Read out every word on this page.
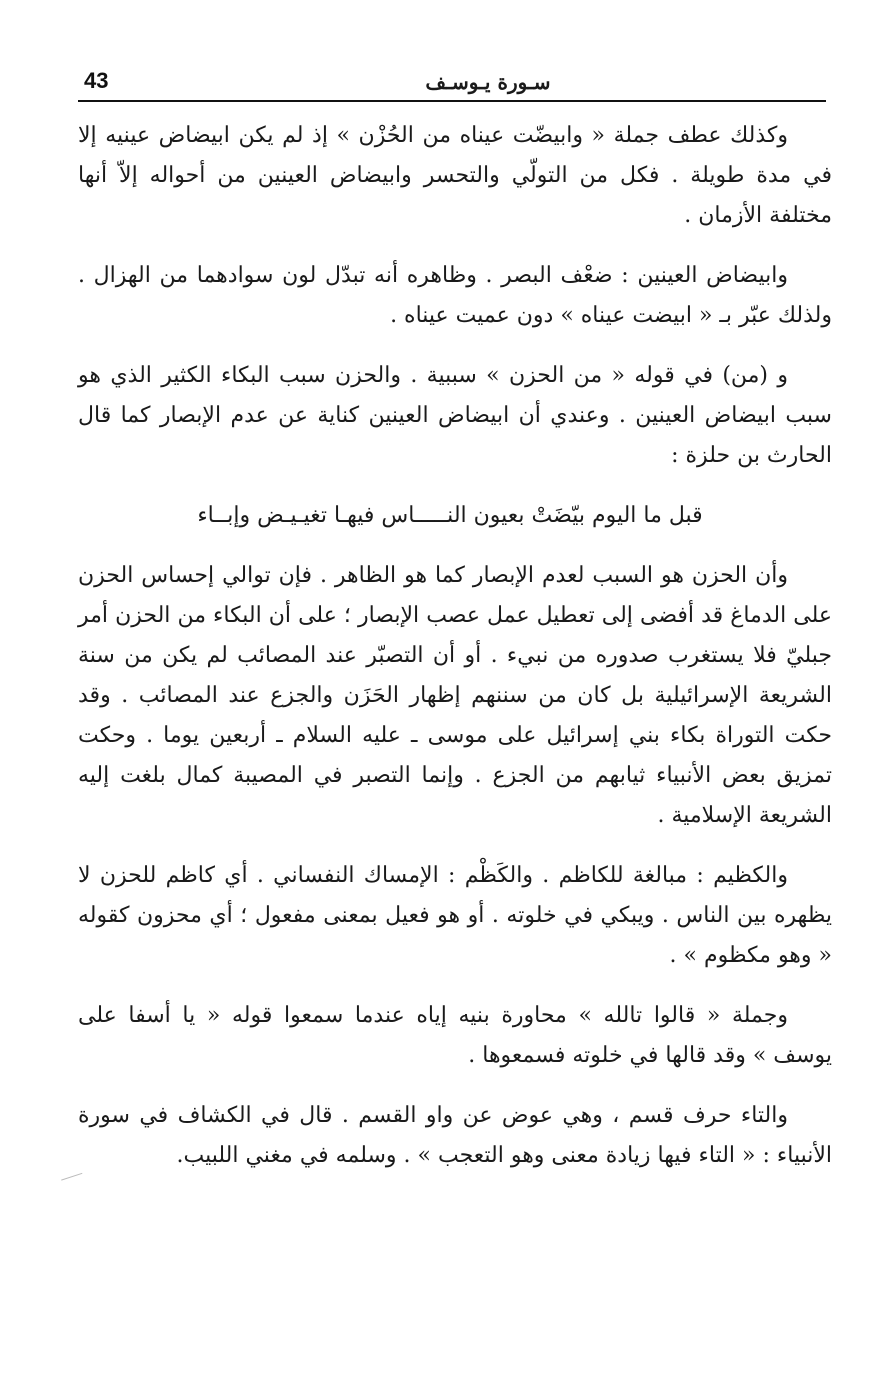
43	سـورة يـوسـف

وكذلك عطف جملة « وابيضّت عيناه من الحُزْن » إذ لم يكن ابيضاض عينيه إلا في مدة طويلة . فكل من التولّي والتحسر وابيضاض العينين من أحواله إلاّ أنها مختلفة الأزمان .

وابيضاض العينين : ضعْف البصر . وظاهره أنه تبدّل لون سوادهما من الهزال . ولذلك عبّر بـ « ابيضت عيناه » دون عميت عيناه .

و (من) في قوله « من الحزن » سببية . والحزن سبب البكاء الكثير الذي هو سبب ابيضاض العينين . وعندي أن ابيضاض العينين كناية عن عدم الإبصار كما قال الحارث بن حلزة :

قبل ما اليوم بيّضَتْ بعيون النـــــاس فيهـا تغيـيـض وإبــاء

وأن الحزن هو السبب لعدم الإبصار كما هو الظاهر . فإن توالي إحساس الحزن على الدماغ قد أفضى إلى تعطيل عمل عصب الإبصار ؛ على أن البكاء من الحزن أمر جبليّ فلا يستغرب صدوره من نبيء . أو أن التصبّر عند المصائب لم يكن من سنة الشريعة الإسرائيلية بل كان من سننهم إظهار الحَزَن والجزع عند المصائب . وقد حكت التوراة بكاء بني إسرائيل على موسى ـ عليه السلام ـ أربعين يوما . وحكت تمزيق بعض الأنبياء ثيابهم من الجزع . وإنما التصبر في المصيبة كمال بلغت إليه الشريعة الإسلامية .

والكظيم : مبالغة للكاظم . والكَظْم : الإمساك النفساني . أي كاظم للحزن لا يظهره بين الناس . ويبكي في خلوته . أو هو فعيل بمعنى مفعول ؛ أي محزون كقوله « وهو مكظوم » .

وجملة « قالوا تالله » محاورة بنيه إياه عندما سمعوا قوله « يا أسفا على يوسف » وقد قالها في خلوته فسمعوها .

والتاء حرف قسم ، وهي عوض عن واو القسم . قال في الكشاف في سورة الأنبياء : « التاء فيها زيادة معنى وهو التعجب » . وسلمه في مغني اللبيب.
